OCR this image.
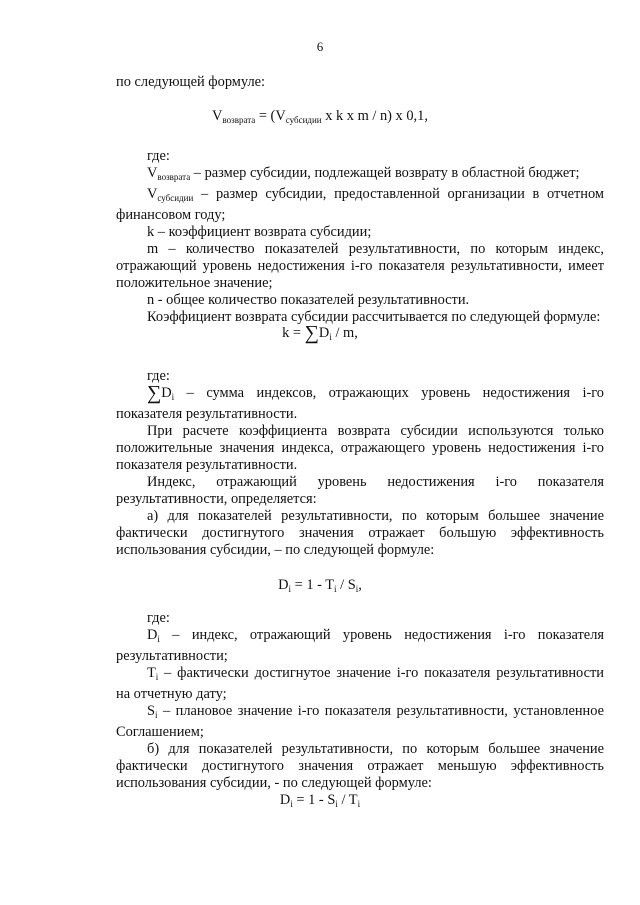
6

по следующей формуле:

$V_{возврата} = (V_{субсидии}$ x k x m / n) x 0,1,

где:

$V_{возврата}$ – размер субсидии, подлежащей возврату в областной бюджет;

$V_{субсидии}$ – размер субсидии, предоставленной организации в отчетном финансовом году;

k – коэффициент возврата субсидии;

m – количество показателей результативности, по которым индекс, отражающий уровень недостижения i-го показателя результативности, имеет положительное значение;

n - общее количество показателей результативности.

Коэффициент возврата субсидии рассчитывается по следующей формуле:

$k = \sum D_i / m$,

где:

$\sum D_i$ – сумма индексов, отражающих уровень недостижения i-го показателя результативности.

При расчете коэффициента возврата субсидии используются только положительные значения индекса, отражающего уровень недостижения i-го показателя результативности.

Индекс, отражающий уровень недостижения i-го показателя результативности, определяется:

а) для показателей результативности, по которым большее значение фактически достигнутого значения отражает большую эффективность использования субсидии, – по следующей формуле:

$D_i = 1 - T_i / S_i$,

где:

$D_i$ – индекс, отражающий уровень недостижения i-го показателя результативности;

$T_i$ – фактически достигнутое значение i-го показателя результативности на отчетную дату;

$S_i$ – плановое значение i-го показателя результативности, установленное Соглашением;

б) для показателей результативности, по которым большее значение фактически достигнутого значения отражает меньшую эффективность использования субсидии, - по следующей формуле:

$D_i = 1 - S_i / T_i$
